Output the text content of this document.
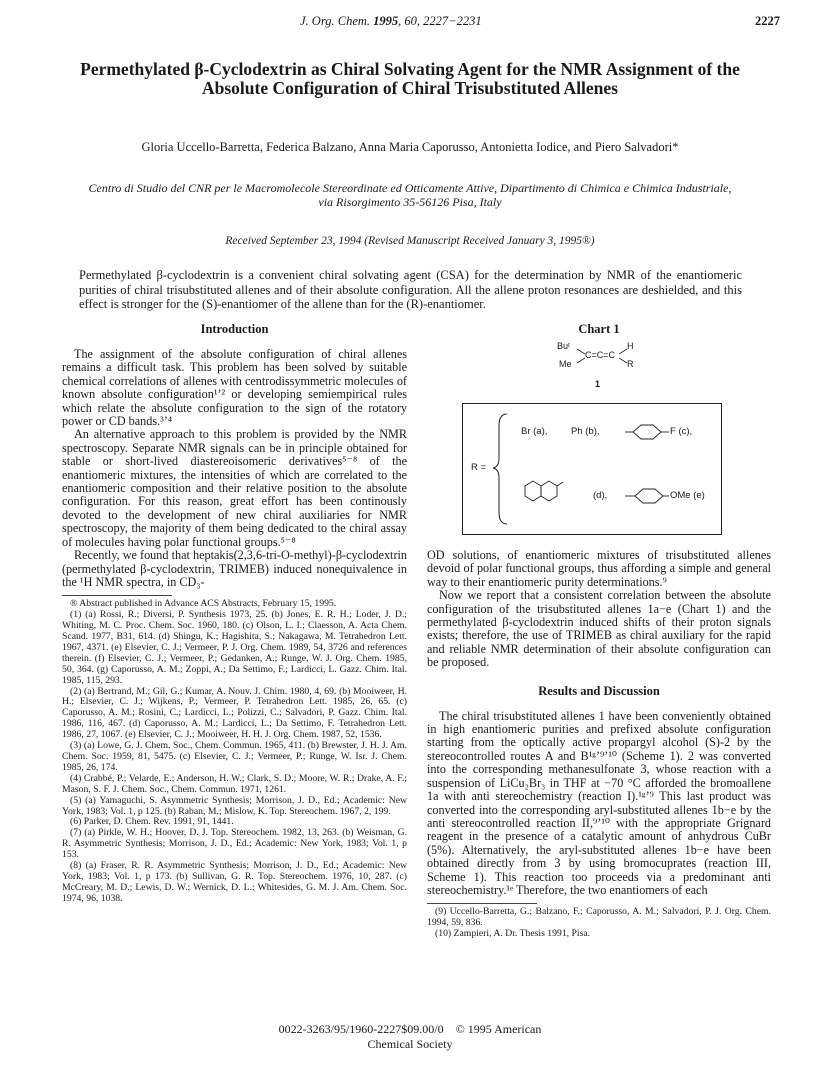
J. Org. Chem. 1995, 60, 2227−2231	2227
Permethylated β-Cyclodextrin as Chiral Solvating Agent for the NMR Assignment of the Absolute Configuration of Chiral Trisubstituted Allenes
Gloria Uccello-Barretta, Federica Balzano, Anna Maria Caporusso, Antonietta Iodice, and Piero Salvadori*
Centro di Studio del CNR per le Macromolecole Stereordinate ed Otticamente Attive, Dipartimento di Chimica e Chimica Industriale, via Risorgimento 35-56126 Pisa, Italy
Received September 23, 1994 (Revised Manuscript Received January 3, 1995®)
Permethylated β-cyclodextrin is a convenient chiral solvating agent (CSA) for the determination by NMR of the enantiomeric purities of chiral trisubstituted allenes and of their absolute configuration. All the allene proton resonances are deshielded, and this effect is stronger for the (S)-enantiomer of the allene than for the (R)-enantiomer.
Introduction

The assignment of the absolute configuration of chiral allenes remains a difficult task. This problem has been solved by suitable chemical correlations of allenes with centrodissymmetric molecules of known absolute configuration¹ʼ² or developing semiempirical rules which relate the absolute configuration to the sign of the rotatory power or CD bands.³ʼ⁴

An alternative approach to this problem is provided by the NMR spectroscopy. Separate NMR signals can be in principle obtained for stable or short-lived diastereoisomeric derivatives⁵⁻⁸ of the enantiomeric mixtures, the intensities of which are correlated to the enantiomeric composition and their relative position to the absolute configuration. For this reason, great effort has been continously devoted to the development of new chiral auxiliaries for NMR spectroscopy, the majority of them being dedicated to the chiral assay of molecules having polar functional groups.⁵⁻⁸

Recently, we found that heptakis(2,3,6-tri-O-methyl)-β-cyclodextrin (permethylated β-cyclodextrin, TRIMEB) induced nonequivalence in the ¹H NMR spectra, in CD₃-

® Abstract published in Advance ACS Abstracts, February 15, 1995.

(1) (a) Rossi, R.; Diversi, P. Synthesis 1973, 25. (b) Jones, E. R. H.; Loder, J. D.; Whiting, M. C. Proc. Chem. Soc. 1960, 180. (c) Olson, L. I.; Claesson, A. Acta Chem. Scand. 1977, B31, 614. (d) Shingu, K.; Hagishita, S.; Nakagawa, M. Tetrahedron Lett. 1967, 4371. (e) Elsevier, C. J.; Vermeer, P. J. Org. Chem. 1989, 54, 3726 and references therein. (f) Elsevier, C. J.; Vermeer, P.; Gedanken, A.; Runge, W. J. Org. Chem. 1985, 50, 364. (g) Caporusso, A. M.; Zoppi, A.; Da Settimo, F.; Lardicci, L. Gazz. Chim. Ital. 1985, 115, 293.

(2) (a) Bertrand, M.; Gil, G.; Kumar, A. Nouv. J. Chim. 1980, 4, 69. (b) Mooiweer, H. H.; Elsevier, C. J.; Wijkens, P.; Vermeer, P. Tetrahedron Lett. 1985, 26, 65. (c) Caporusso, A. M.; Rosini, C.; Lardicci, L.; Polizzi, C.; Salvadori, P. Gazz. Chim. Ital. 1986, 116, 467. (d) Caporusso, A. M.; Lardicci, L.; Da Settimo, F. Tetrahedron Lett. 1986, 27, 1067. (e) Elsevier, C. J.; Mooiweer, H. H. J. Org. Chem. 1987, 52, 1536.

(3) (a) Lowe, G. J. Chem. Soc., Chem. Commun. 1965, 411. (b) Brewster, J. H. J. Am. Chem. Soc. 1959, 81, 5475. (c) Elsevier, C. J.; Vermeer, P.; Runge, W. Isr. J. Chem. 1985, 26, 174.

(4) Crabbé, P.; Velarde, E.; Anderson, H. W.; Clark, S. D.; Moore, W. R.; Drake, A. F.; Mason, S. F. J. Chem. Soc., Chem. Commun. 1971, 1261.

(5) (a) Yamaguchi, S. Asymmetric Synthesis; Morrison, J. D., Ed.; Academic: New York, 1983; Vol. 1, p 125. (b) Raban, M.; Mislow, K. Top. Stereochem. 1967, 2, 199.

(6) Parker, D. Chem. Rev. 1991, 91, 1441.

(7) (a) Pirkle, W. H.; Hoover, D. J. Top. Stereochem. 1982, 13, 263. (b) Weisman, G. R. Asymmetric Synthesis; Morrison, J. D., Ed.; Academic: New York, 1983; Vol. 1, p 153.

(8) (a) Fraser, R. R. Asymmetric Synthesis; Morrison, J. D., Ed.; Academic: New York, 1983; Vol. 1, p 173. (b) Sullivan, G. R. Top. Stereochem. 1976, 10, 287. (c) McCreary, M. D.; Lewis, D. W.; Wernick, D. L.; Whitesides, G. M. J. Am. Chem. Soc. 1974, 96, 1038.

Chart 1
Buᵗ
Me
C=C=C
H
R
1
R =
Br (a), Ph (b),	F (c),
(d),	OMe (e)

OD solutions, of enantiomeric mixtures of trisubstituted allenes devoid of polar functional groups, thus affording a simple and general way to their enantiomeric purity determinations.⁹

Now we report that a consistent correlation between the absolute configuration of the trisubstituted allenes 1a−e (Chart 1) and the permethylated β-cyclodextrin induced shifts of their proton signals exists; therefore, the use of TRIMEB as chiral auxiliary for the rapid and reliable NMR determination of their absolute configuration can be proposed.

Results and Discussion

The chiral trisubstituted allenes 1 have been conveniently obtained in high enantiomeric purities and prefixed absolute configuration starting from the optically active propargyl alcohol (S)-2 by the stereocontrolled routes A and B¹ᵍʼ⁹ʼ¹⁰ (Scheme 1). 2 was converted into the corresponding methanesulfonate 3, whose reaction with a suspension of LiCu₂Br₃ in THF at −70 °C afforded the bromoallene 1a with anti stereochemistry (reaction I).¹ᵍʼ⁹ This last product was converted into the corresponding aryl-substituted allenes 1b−e by the anti stereocontrolled reaction II,⁹ʼ¹⁰ with the appropriate Grignard reagent in the presence of a catalytic amount of anhydrous CuBr (5%). Alternatively, the aryl-substituted allenes 1b−e have been obtained directly from 3 by using bromocuprates (reaction III, Scheme 1). This reaction too proceeds via a predominant anti stereochemistry.¹ᵉ Therefore, the two enantiomers of each

(9) Uccello-Barretta, G.; Balzano, F.; Caporusso, A. M.; Salvadori, P. J. Org. Chem. 1994, 59, 836.

(10) Zampieri, A. Dr. Thesis 1991, Pisa.

0022-3263/95/1960-2227$09.00/0 © 1995 American Chemical Society
